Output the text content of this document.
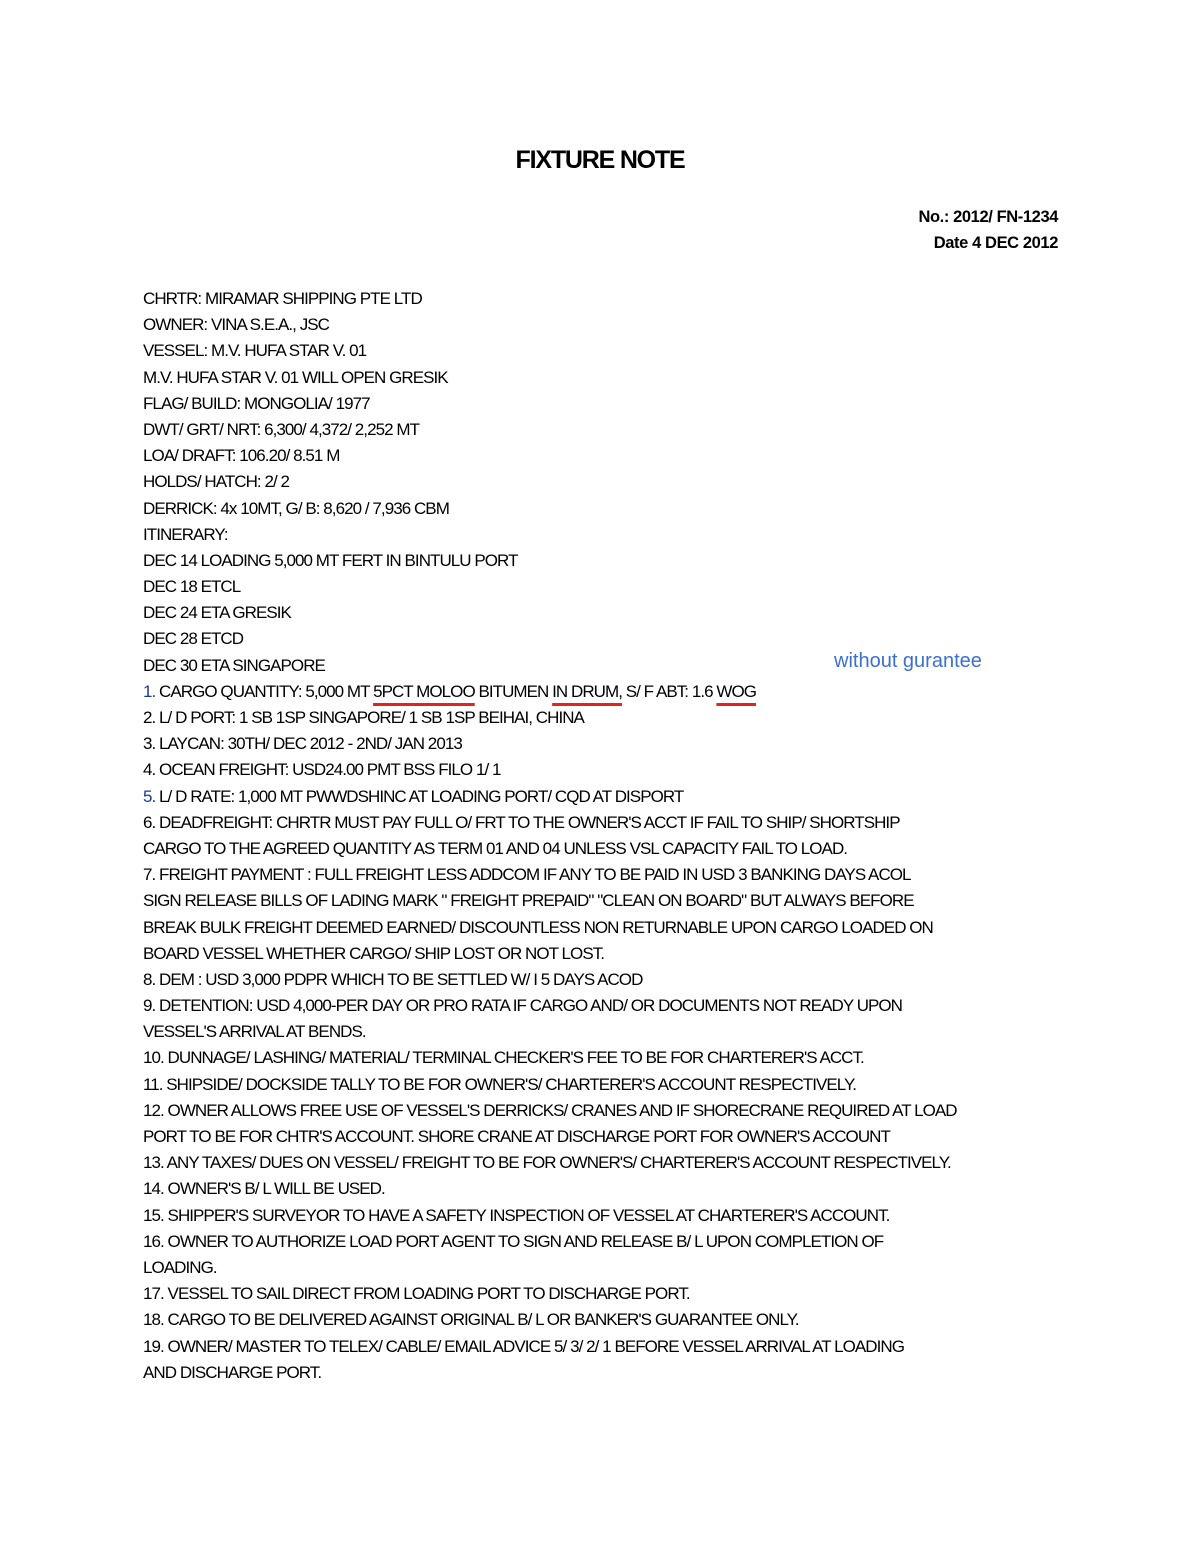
FIXTURE NOTE
No.: 2012/ FN-1234
Date 4 DEC 2012
without gurantee
CHRTR: MIRAMAR SHIPPING PTE LTD
OWNER: VINA S.E.A., JSC
VESSEL: M.V. HUFA STAR V. 01
M.V. HUFA STAR V. 01 WILL OPEN GRESIK
FLAG/ BUILD: MONGOLIA/ 1977
DWT/ GRT/ NRT: 6,300/ 4,372/ 2,252 MT
LOA/ DRAFT: 106.20/ 8.51 M
HOLDS/ HATCH: 2/ 2
DERRICK: 4x 10MT, G/ B: 8,620 / 7,936 CBM
ITINERARY:
DEC 14 LOADING 5,000 MT FERT IN BINTULU PORT
DEC 18 ETCL
DEC 24 ETA GRESIK
DEC 28 ETCD
DEC 30 ETA SINGAPORE
1. CARGO QUANTITY: 5,000 MT 5PCT MOLOO BITUMEN IN DRUM, S/ F ABT: 1.6 WOG
2. L/ D PORT: 1 SB 1SP SINGAPORE/ 1 SB 1SP BEIHAI, CHINA
3. LAYCAN: 30TH/ DEC 2012 - 2ND/ JAN 2013
4. OCEAN FREIGHT: USD24.00 PMT BSS FILO 1/ 1
5. L/ D RATE: 1,000 MT PWWDSHINC AT LOADING PORT/ CQD AT DISPORT
6. DEADFREIGHT: CHRTR MUST PAY FULL O/ FRT TO THE OWNER'S ACCT IF FAIL TO SHIP/ SHORTSHIP
CARGO TO THE AGREED QUANTITY AS TERM 01 AND 04 UNLESS VSL CAPACITY FAIL TO LOAD.
7. FREIGHT PAYMENT : FULL FREIGHT LESS ADDCOM IF ANY TO BE PAID IN USD 3 BANKING DAYS ACOL
SIGN RELEASE BILLS OF LADING MARK " FREIGHT PREPAID" "CLEAN ON BOARD" BUT ALWAYS BEFORE
BREAK BULK FREIGHT DEEMED EARNED/ DISCOUNTLESS NON RETURNABLE UPON CARGO LOADED ON
BOARD VESSEL WHETHER CARGO/ SHIP LOST OR NOT LOST.
8. DEM : USD 3,000 PDPR WHICH TO BE SETTLED W/ I 5 DAYS ACOD
9. DETENTION: USD 4,000-PER DAY OR PRO RATA IF CARGO AND/ OR DOCUMENTS NOT READY UPON
VESSEL'S ARRIVAL AT BENDS.
10. DUNNAGE/ LASHING/ MATERIAL/ TERMINAL CHECKER'S FEE TO BE FOR CHARTERER'S ACCT.
11. SHIPSIDE/ DOCKSIDE TALLY TO BE FOR OWNER'S/ CHARTERER'S ACCOUNT RESPECTIVELY.
12. OWNER ALLOWS FREE USE OF VESSEL'S DERRICKS/ CRANES AND IF SHORECRANE REQUIRED AT LOAD
PORT TO BE FOR CHTR'S ACCOUNT. SHORE CRANE AT DISCHARGE PORT FOR OWNER'S ACCOUNT
13. ANY TAXES/ DUES ON VESSEL/ FREIGHT TO BE FOR OWNER'S/ CHARTERER'S ACCOUNT RESPECTIVELY.
14. OWNER'S B/ L WILL BE USED.
15. SHIPPER'S SURVEYOR TO HAVE A SAFETY INSPECTION OF VESSEL AT CHARTERER'S ACCOUNT.
16. OWNER TO AUTHORIZE LOAD PORT AGENT TO SIGN AND RELEASE B/ L UPON COMPLETION OF
LOADING.
17. VESSEL TO SAIL DIRECT FROM LOADING PORT TO DISCHARGE PORT.
18. CARGO TO BE DELIVERED AGAINST ORIGINAL B/ L OR BANKER'S GUARANTEE ONLY.
19. OWNER/ MASTER TO TELEX/ CABLE/ EMAIL ADVICE 5/ 3/ 2/ 1 BEFORE VESSEL ARRIVAL AT LOADING
AND DISCHARGE PORT.
